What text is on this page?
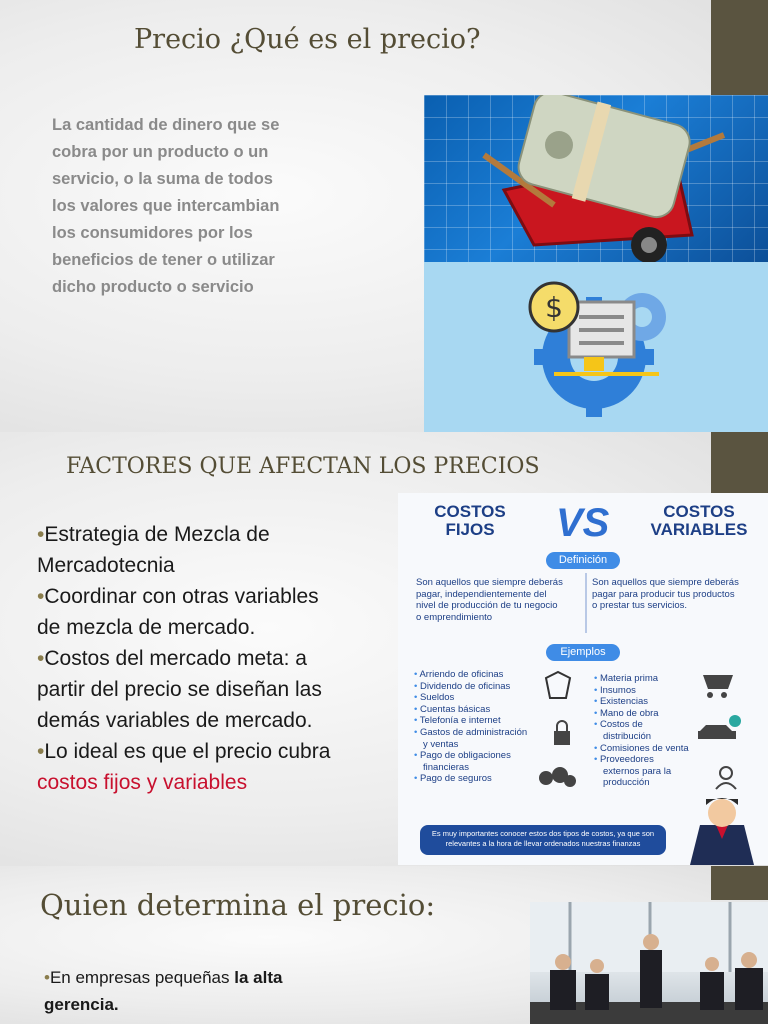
Precio ¿Qué es el precio?
La cantidad de dinero que se
cobra por un producto o un
servicio, o la suma de todos
los valores que intercambian
los consumidores por los
beneficios de tener o utilizar
dicho producto o servicio
$
FACTORES QUE AFECTAN LOS PRECIOS
•Estrategia de Mezcla de
Mercadotecnia
•Coordinar con otras variables
de mezcla de mercado.
•Costos del mercado meta: a
partir del precio se diseñan las
demás variables de mercado.
•Lo ideal es que el precio cubra
costos fijos y variables
COSTOS
FIJOS	VS	COSTOS
VARIABLES
Definición
Son aquellos que siempre deberás
pagar, independientemente del
nivel de producción de tu negocio
o emprendimiento
Son aquellos que siempre deberás
pagar para producir tus productos
o prestar tus servicios.
Ejemplos
• Arriendo de oficinas
• Dividendo de oficinas
• Sueldos
• Cuentas básicas
• Telefonía e internet
• Gastos de administración
y ventas
• Pago de obligaciones
financieras
• Pago de seguros
• Materia prima
• Insumos
• Existencias
• Mano de obra
• Costos de
distribución
• Comisiones de venta
• Proveedores
externos para la
producción
Es muy importantes conocer estos dos tipos de costos, ya que son
relevantes a la hora de llevar ordenados nuestras finanzas
Quien determina el precio:
•En empresas pequeñas la alta
gerencia.
